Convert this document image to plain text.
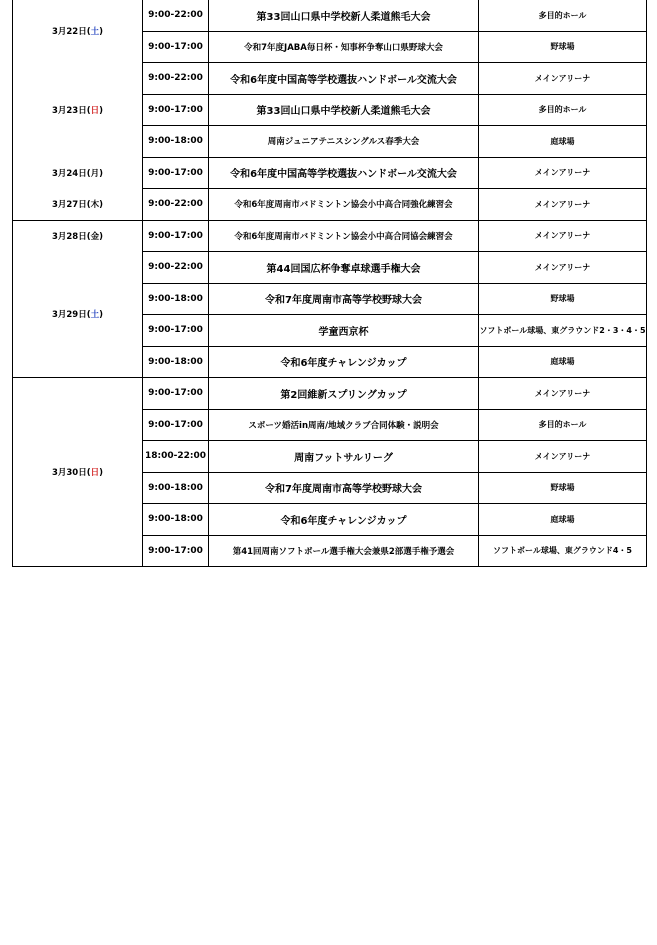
3月22日(土)	9:00-22:00	第33回山口県中学校新人柔道熊毛大会	多目的ホール
	9:00-17:00	令和7年度JABA毎日杯・知事杯争奪山口県野球大会	野球場
3月23日(日)	9:00-22:00	令和6年度中国高等学校選抜ハンドボール交流大会	メインアリーナ
	9:00-17:00	第33回山口県中学校新人柔道熊毛大会	多目的ホール
	9:00-18:00	周南ジュニアテニスシングルス春季大会	庭球場
3月24日(月)	9:00-17:00	令和6年度中国高等学校選抜ハンドボール交流大会	メインアリーナ
3月27日(木)	9:00-22:00	令和6年度周南市バドミントン協会小中高合同強化練習会	メインアリーナ
3月28日(金)	9:00-17:00	令和6年度周南市バドミントン協会小中高合同協会練習会	メインアリーナ
3月29日(土)	9:00-22:00	第44回国広杯争奪卓球選手権大会	メインアリーナ
	9:00-18:00	令和7年度周南市高等学校野球大会	野球場
	9:00-17:00	学童西京杯	ソフトボール球場、東グラウンド2・3・4・5
	9:00-18:00	令和6年度チャレンジカップ	庭球場
3月30日(日)	9:00-17:00	第2回維新スプリングカップ	メインアリーナ
	9:00-17:00	スポーツ婚活in周南/地域クラブ合同体験・説明会	多目的ホール
	18:00-22:00	周南フットサルリーグ	メインアリーナ
	9:00-18:00	令和7年度周南市高等学校野球大会	野球場
	9:00-18:00	令和6年度チャレンジカップ	庭球場
	9:00-17:00	第41回周南ソフトボール選手権大会兼県2部選手権予選会	ソフトボール球場、東グラウンド4・5
